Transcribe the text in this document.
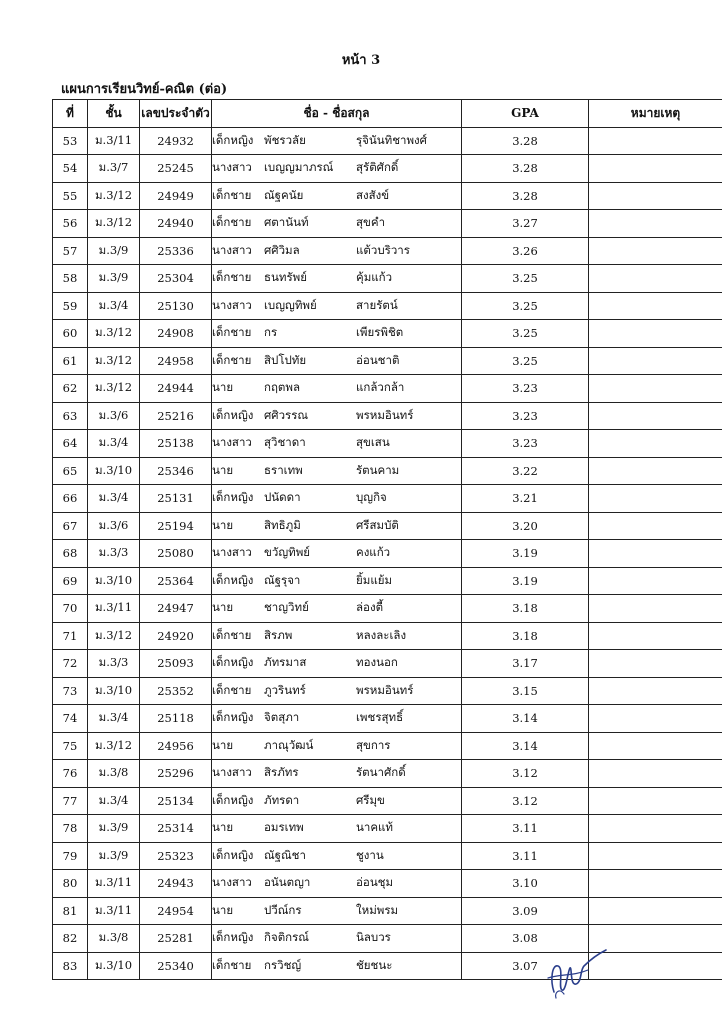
หน้า 3
แผนการเรียนวิทย์-คณิต (ต่อ)
ที่	ชั้น	เลขประจำตัว	ชื่อ - ชื่อสกุล	GPA	หมายเหตุ
53	ม.3/11	24932	เด็กหญิง พัชรวลัย รุจินันทิชาพงศ์	3.28	
54	ม.3/7	25245	นางสาว เบญญมาภรณ์ สุรัติศักดิ์	3.28	
55	ม.3/12	24949	เด็กชาย ณัฐคนัย สงสังข์	3.28	
56	ม.3/12	24940	เด็กชาย ศตานันท์ สุขคำ	3.27	
57	ม.3/9	25336	นางสาว ศศิวิมล แต้วบริวาร	3.26	
58	ม.3/9	25304	เด็กชาย ธนทรัพย์ คุ้มแก้ว	3.25	
59	ม.3/4	25130	นางสาว เบญญทิพย์ สายรัตน์	3.25	
60	ม.3/12	24908	เด็กชาย กร เพียรพิชิต	3.25	
61	ม.3/12	24958	เด็กชาย สิปโปทัย อ่อนชาติ	3.25	
62	ม.3/12	24944	นาย กฤตพล แกล้วกล้า	3.23	
63	ม.3/6	25216	เด็กหญิง ศศิวรรณ พรหมอินทร์	3.23	
64	ม.3/4	25138	นางสาว สุวิชาดา สุขเสน	3.23	
65	ม.3/10	25346	นาย ธราเทพ รัตนคาม	3.22	
66	ม.3/4	25131	เด็กหญิง ปนัดดา บุญกิจ	3.21	
67	ม.3/6	25194	นาย สิทธิภูมิ ศรีสมบัติ	3.20	
68	ม.3/3	25080	นางสาว ขวัญทิพย์ คงแก้ว	3.19	
69	ม.3/10	25364	เด็กหญิง ณัฐรุจา ยิ้มแย้ม	3.19	
70	ม.3/11	24947	นาย ชาญวิทย์ ล่องตี้	3.18	
71	ม.3/12	24920	เด็กชาย สิรภพ หลงละเลิง	3.18	
72	ม.3/3	25093	เด็กหญิง ภัทรมาส ทองนอก	3.17	
73	ม.3/10	25352	เด็กชาย ภูวรินทร์ พรหมอินทร์	3.15	
74	ม.3/4	25118	เด็กหญิง จิตสุภา เพชรสุทธิ์	3.14	
75	ม.3/12	24956	นาย ภาณุวัฒน์ สุขการ	3.14	
76	ม.3/8	25296	นางสาว สิรภัทร รัตนาศักดิ์	3.12	
77	ม.3/4	25134	เด็กหญิง ภัทรดา ศรีมุข	3.12	
78	ม.3/9	25314	นาย อมรเทพ นาคแท้	3.11	
79	ม.3/9	25323	เด็กหญิง ณัฐณิชา ชูงาน	3.11	
80	ม.3/11	24943	นางสาว อนันตญา อ่อนชุม	3.10	
81	ม.3/11	24954	นาย ปวีณ์กร ใหม่พรม	3.09	
82	ม.3/8	25281	เด็กหญิง กิจติกรณ์ นิลบวร	3.08	
83	ม.3/10	25340	เด็กชาย กรวิชญ์ ชัยชนะ	3.07	
